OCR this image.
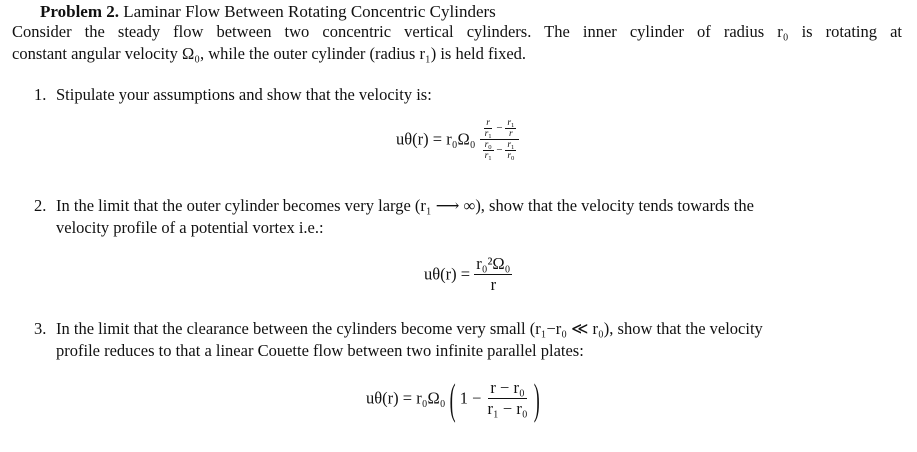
Problem 2. Laminar Flow Between Rotating Concentric Cylinders
Consider the steady flow between two concentric vertical cylinders. The inner cylinder of radius r₀ is rotating at
constant angular velocity Ω₀, while the outer cylinder (radius r₁) is held fixed.
1. Stipulate your assumptions and show that the velocity is:
$u\theta(r) = r_0\Omega_0 \frac{\frac{r}{r_1} - \frac{r_1}{r}}{\frac{r_0}{r_1} - \frac{r_1}{r_0}}$
2. In the limit that the outer cylinder becomes very large (r₁ ⟶ ∞), show that the velocity tends towards the
velocity profile of a potential vortex i.e.:
$u\theta(r) = \frac{\text{r₀²Ω₀}}{r}$
3. In the limit that the clearance between the cylinders become very small (r₁−r₀ ≪ r₀), show that the velocity
profile reduces to that a linear Couette flow between two infinite parallel plates:
uθ(r) = r₀Ω₀ ( $1 - \frac{\text{r − r₀}}{\text{r₁ − r₀}}$ )
